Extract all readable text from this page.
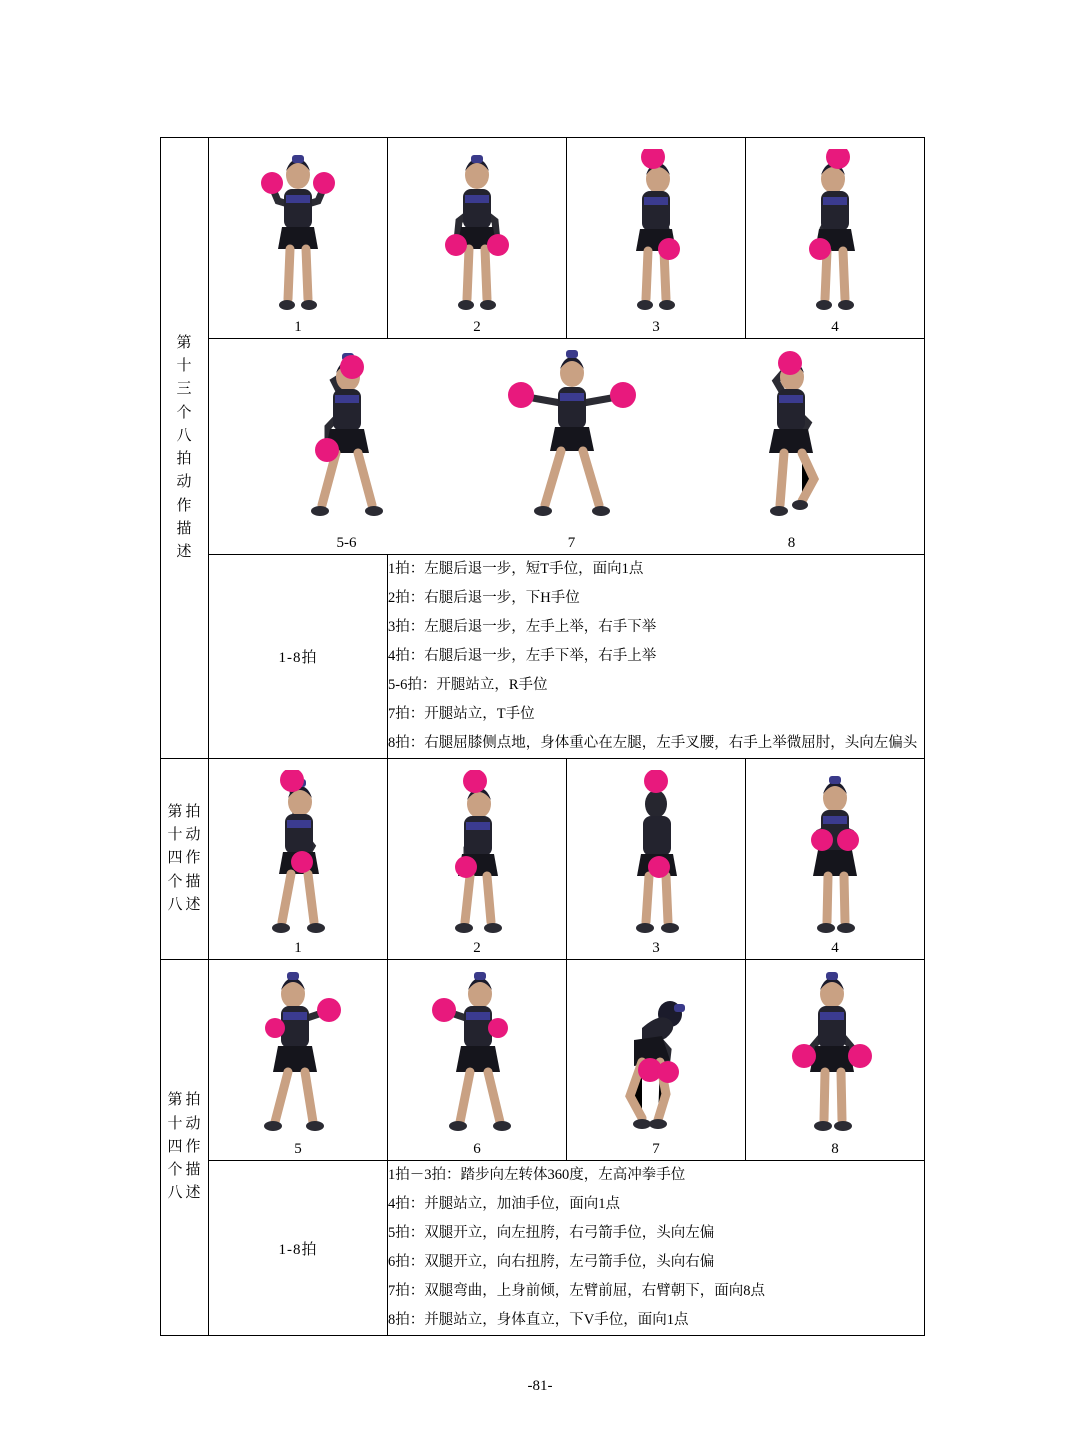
第
十
三
个
八
拍
动
作
描
述

1	2	3	4

	5-6 7 8			

1-8拍	
1拍：左腿后退一步，短T手位，面向1点
2拍：右腿后退一步，下H手位
3拍：左腿后退一步，左手上举，右手下举
4拍：右腿后退一步，左手下举，右手上举
5-6拍：开腿站立，R手位
7拍：开腿站立，T手位
8拍：右腿屈膝侧点地，身体重心在左腿，左手叉腰，右手上举微屈肘，头向左偏头

拍
动
作
描
述
第
十
四
个
八

1	2	3	4

拍
动
作
描
述
第
十
四
个
八

5	6	7	8

1-8拍	
1拍－3拍：踏步向左转体360度，左高冲拳手位
4拍：并腿站立，加油手位，面向1点
5拍：双腿开立，向左扭胯，右弓箭手位，头向左偏
6拍：双腿开立，向右扭胯，左弓箭手位，头向右偏
7拍：双腿弯曲，上身前倾，左臂前屈，右臂朝下，面向8点
8拍：并腿站立，身体直立，下V手位，面向1点
-81-
